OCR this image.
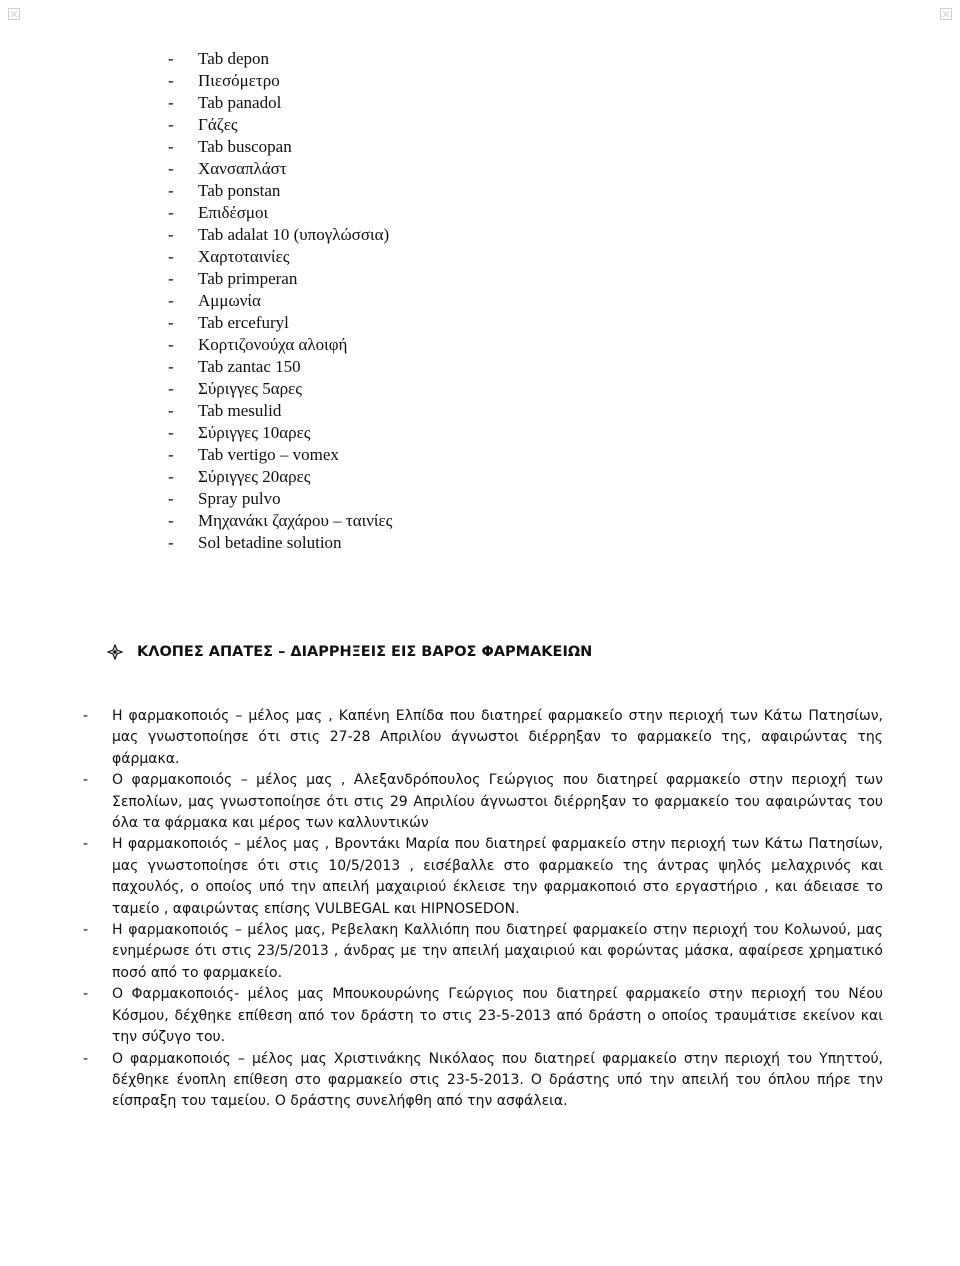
-	Tab depon
-	Πιεσόμετρο
-	Tab panadol
-	Γάζες
-	Tab buscopan
-	Χανσαπλάστ
-	Tab ponstan
-	Επιδέσμοι
-	Tab adalat 10 (υπογλώσσια)
-	Χαρτοταινίες
-	Tab primperan
-	Αμμωνία
-	Tab ercefuryl
-	Κορτιζονούχα αλοιφή
-	Tab zantac 150
-	Σύριγγες 5αρες
-	Tab mesulid
-	Σύριγγες 10αρες
-	Tab vertigo – vomex
-	Σύριγγες 20αρες
-	Spray pulvo
-	Μηχανάκι ζαχάρου – ταινίες
-	Sol betadine solution
ΚΛΟΠΕΣ ΑΠΑΤΕΣ – ΔΙΑΡΡΗΞΕΙΣ ΕΙΣ ΒΑΡΟΣ ΦΑΡΜΑΚΕΙΩΝ
-	Η φαρμακοποιός – μέλος μας , Καπένη Ελπίδα που διατηρεί φαρμακείο στην περιοχή των Κάτω Πατησίων, μας γνωστοποίησε ότι στις 27-28 Απριλίου άγνωστοι διέρρηξαν το φαρμακείο της, αφαιρώντας της φάρμακα.
-	Ο φαρμακοποιός – μέλος μας , Αλεξανδρόπουλος Γεώργιος που διατηρεί φαρμακείο στην περιοχή των Σεπολίων, μας γνωστοποίησε ότι στις 29 Απριλίου άγνωστοι διέρρηξαν το φαρμακείο του αφαιρώντας του όλα τα φάρμακα και μέρος των καλλυντικών
-	Η φαρμακοποιός – μέλος μας , Βροντάκι Μαρία που διατηρεί φαρμακείο στην περιοχή των Κάτω Πατησίων, μας γνωστοποίησε ότι στις 10/5/2013 , εισέβαλλε στο φαρμακείο της άντρας ψηλός μελαχρινός και παχουλός, ο οποίος υπό την απειλή μαχαιριού έκλεισε την φαρμακοποιό στο εργαστήριο , και άδειασε το ταμείο , αφαιρώντας επίσης VULBEGAL και HIPNOSEDON.
-	Η φαρμακοποιός – μέλος μας, Ρεβελακη Καλλιόπη που διατηρεί φαρμακείο στην περιοχή του Κολωνού, μας ενημέρωσε ότι στις 23/5/2013 , άνδρας με την απειλή μαχαιριού και φορώντας μάσκα, αφαίρεσε χρηματικό ποσό από το φαρμακείο.
-	Ο Φαρμακοποιός- μέλος μας Μπουκουρώνης Γεώργιος που διατηρεί φαρμακείο στην περιοχή του Νέου Κόσμου, δέχθηκε επίθεση από τον δράστη το στις 23-5-2013 από δράστη ο οποίος τραυμάτισε εκείνον και την σύζυγο του.
-	Ο φαρμακοποιός – μέλος μας Χριστινάκης Νικόλαος που διατηρεί φαρμακείο στην περιοχή του Υπηττού, δέχθηκε ένοπλη επίθεση στο φαρμακείο στις 23-5-2013. Ο δράστης υπό την απειλή του όπλου πήρε την είσπραξη του ταμείου. Ο δράστης συνελήφθη από την ασφάλεια.
